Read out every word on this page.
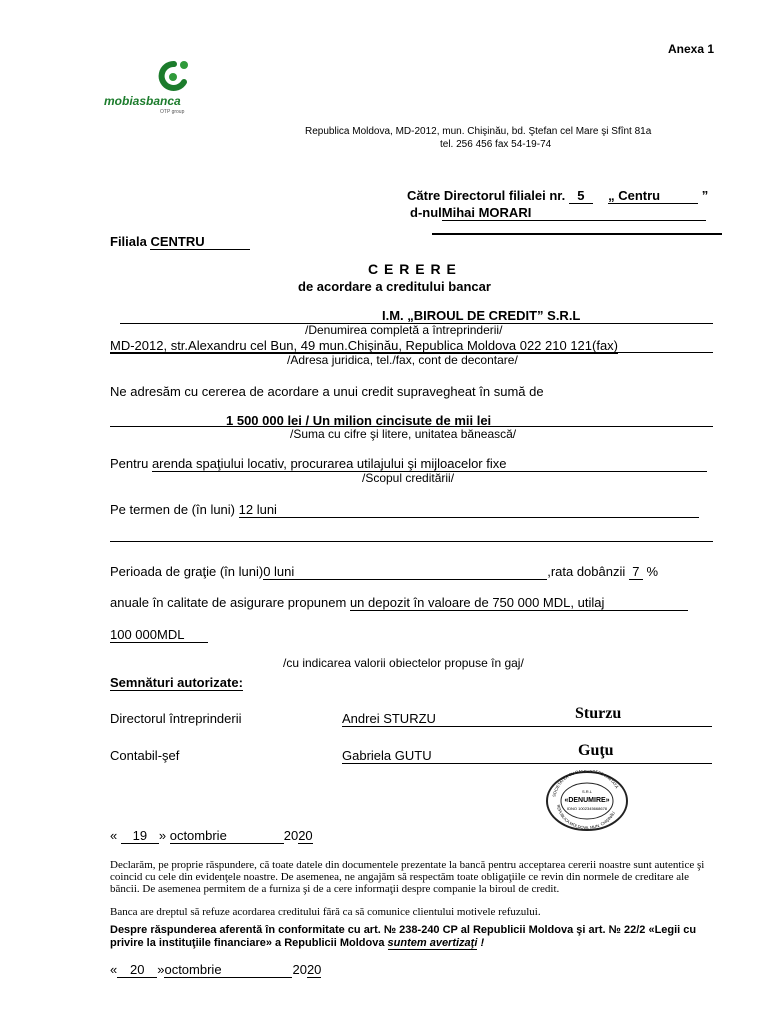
Anexa 1
mobiasbanca
OTP group
Republica Moldova, MD-2012, mun. Chişinău, bd. Ştefan cel Mare şi Sfînt 81a
tel. 256 456 fax 54-19-74
Către Directorul filialei nr. 5 „ Centru	”
d-nulMihai MORARI
Filiala CENTRU
C E R E R E
de acordare a creditului bancar
I.M. „BIROUL DE CREDIT” S.R.L
/Denumirea completă a întreprinderii/
MD-2012, str.Alexandru cel Bun, 49 mun.Chişinău, Republica Moldova 022 210 121(fax)
/Adresa juridica, tel./fax, cont de decontare/
Ne adresăm cu cererea de acordare a unui credit supravegheat în sumă de
1 500 000 lei / Un milion cincisute de mii lei
/Suma cu cifre şi litere, unitatea bănească/
Pentru arenda spaţiului locativ, procurarea utilajului şi mijloacelor fixe
/Scopul creditării/
Pe termen de (în luni) 12 luni
Perioada de graţie (în luni)0 luni	,rata dobânzii 7 %
anuale în calitate de asigurare propunem un depozit în valoare de 750 000 MDL, utilaj
100 000MDL
/cu indicarea valorii obiectelor propuse în gaj/
Semnături autorizate:
Directorul întreprinderii	Andrei STURZU	Sturzu
Contabil-şef	Gabriela GUTU	Guţu
SOCIETATEA CU RĂSPUNDERE LIMITATĂ
REPUBLICA MOLDOVA, MUN. CHIŞINĂU
S.R.L
«DENUMIRE»
IDNO 1002345668678
« 19 » octombrie	2020
Declarăm, pe propriе răspundere, că toate datele din documentele prezentate la bancă pentru acceptarea cererii noastre sunt autentice şi coincid cu cele din evidenţele noastre. De asemenea, ne angajăm să respectăm toate obligaţiile ce revin din normele de creditare ale băncii. De asemenea permitem de a furniza şi de a cere informaţii despre companie la biroul de credit.
Banca are dreptul să refuze acordarea creditului fără ca să comunice clientului motivele refuzului.
Despre răspunderea aferentă în conformitate cu art. № 238-240 CP al Republicii Moldova şi art. № 22/2 «Legii cu privire la instituţiile financiare» a Republicii Moldova suntem avertizaţi !
« 20 »octombrie	2020
